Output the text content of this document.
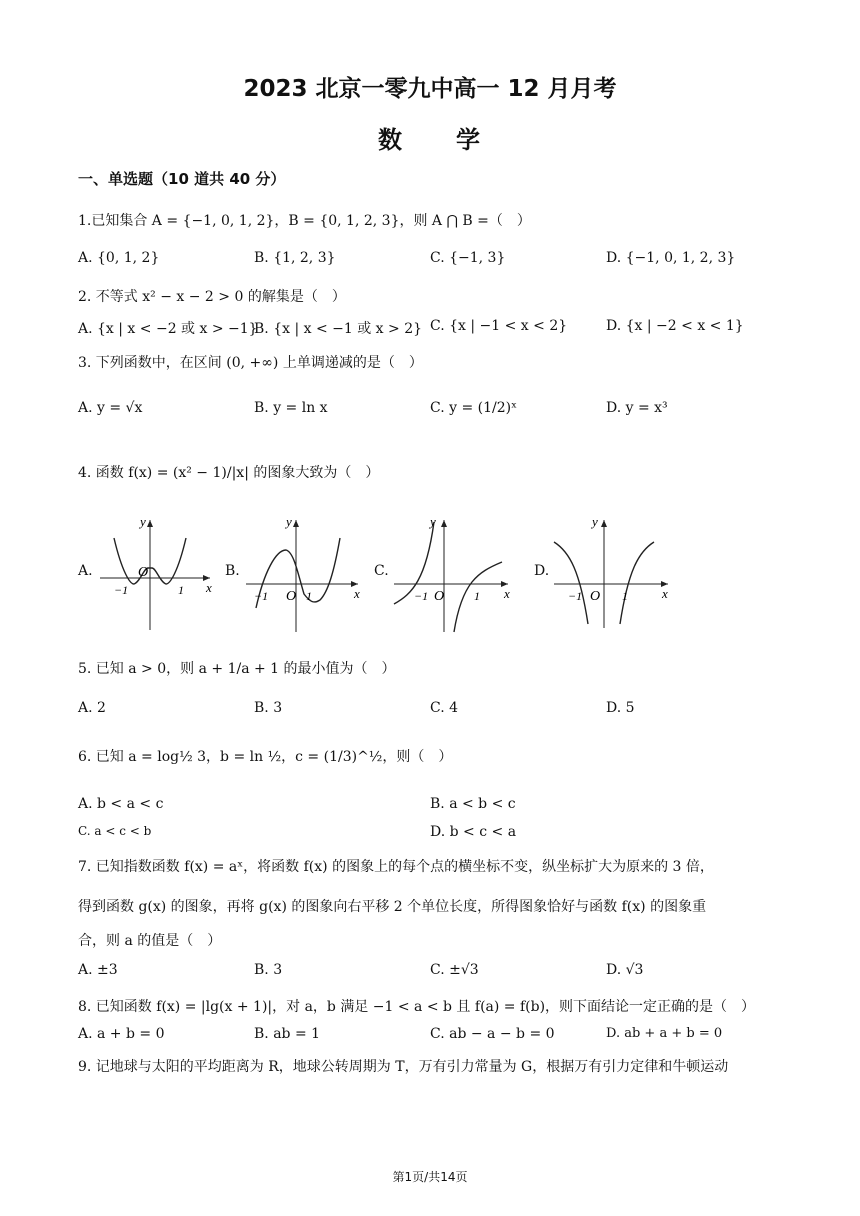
2023 北京一零九中高一 12 月月考
数　　学
一、单选题（10 道共 40 分）
1.已知集合 A = {−1, 0, 1, 2}，B = {0, 1, 2, 3}，则 A ⋂ B =（　）
A. {0, 1, 2}	B. {1, 2, 3}	C. {−1, 3}	D. {−1, 0, 1, 2, 3}
2. 不等式 x² − x − 2 > 0 的解集是（　）
A. {x | x < −2 或 x > −1}
B. {x | x < −1 或 x > 2} C. {x | −1 < x < 2}	D. {x | −2 < x < 1}
3. 下列函数中，在区间 (0, +∞) 上单调递减的是（　）
A. y = √x	B. y = ln x	C. y = (1/2)ˣ	D. y = x³
4. 函数 f(x) = (x² − 1)/|x| 的图象大致为（　）
A.	B.	C.	D.
y
x
O
−1	1
y
x
O
−1	1
y
x
−1 O 1
y
x
−1 O 1
5. 已知 a > 0，则 a + 1/a + 1 的最小值为（　）
A. 2	B. 3	C. 4	D. 5
6. 已知 a = log½ 3，b = ln ½，c = (1/3)^½，则（　）
A. b < a < c	B. a < b < c
C. a < c < b	D. b < c < a
7. 已知指数函数 f(x) = aˣ，将函数 f(x) 的图象上的每个点的横坐标不变，纵坐标扩大为原来的 3 倍，
得到函数 g(x) 的图象，再将 g(x) 的图象向右平移 2 个单位长度，所得图象恰好与函数 f(x) 的图象重
合，则 a 的值是（　）
A. ±3	B. 3	C. ±√3	D. √3
8. 已知函数 f(x) = |lg(x + 1)|，对 a，b 满足 −1 < a < b 且 f(a) = f(b)，则下面结论一定正确的是（　）
A. a + b = 0	B. ab = 1	C. ab − a − b = 0	D. ab + a + b = 0
9. 记地球与太阳的平均距离为 R，地球公转周期为 T，万有引力常量为 G，根据万有引力定律和牛顿运动
第1页/共14页
